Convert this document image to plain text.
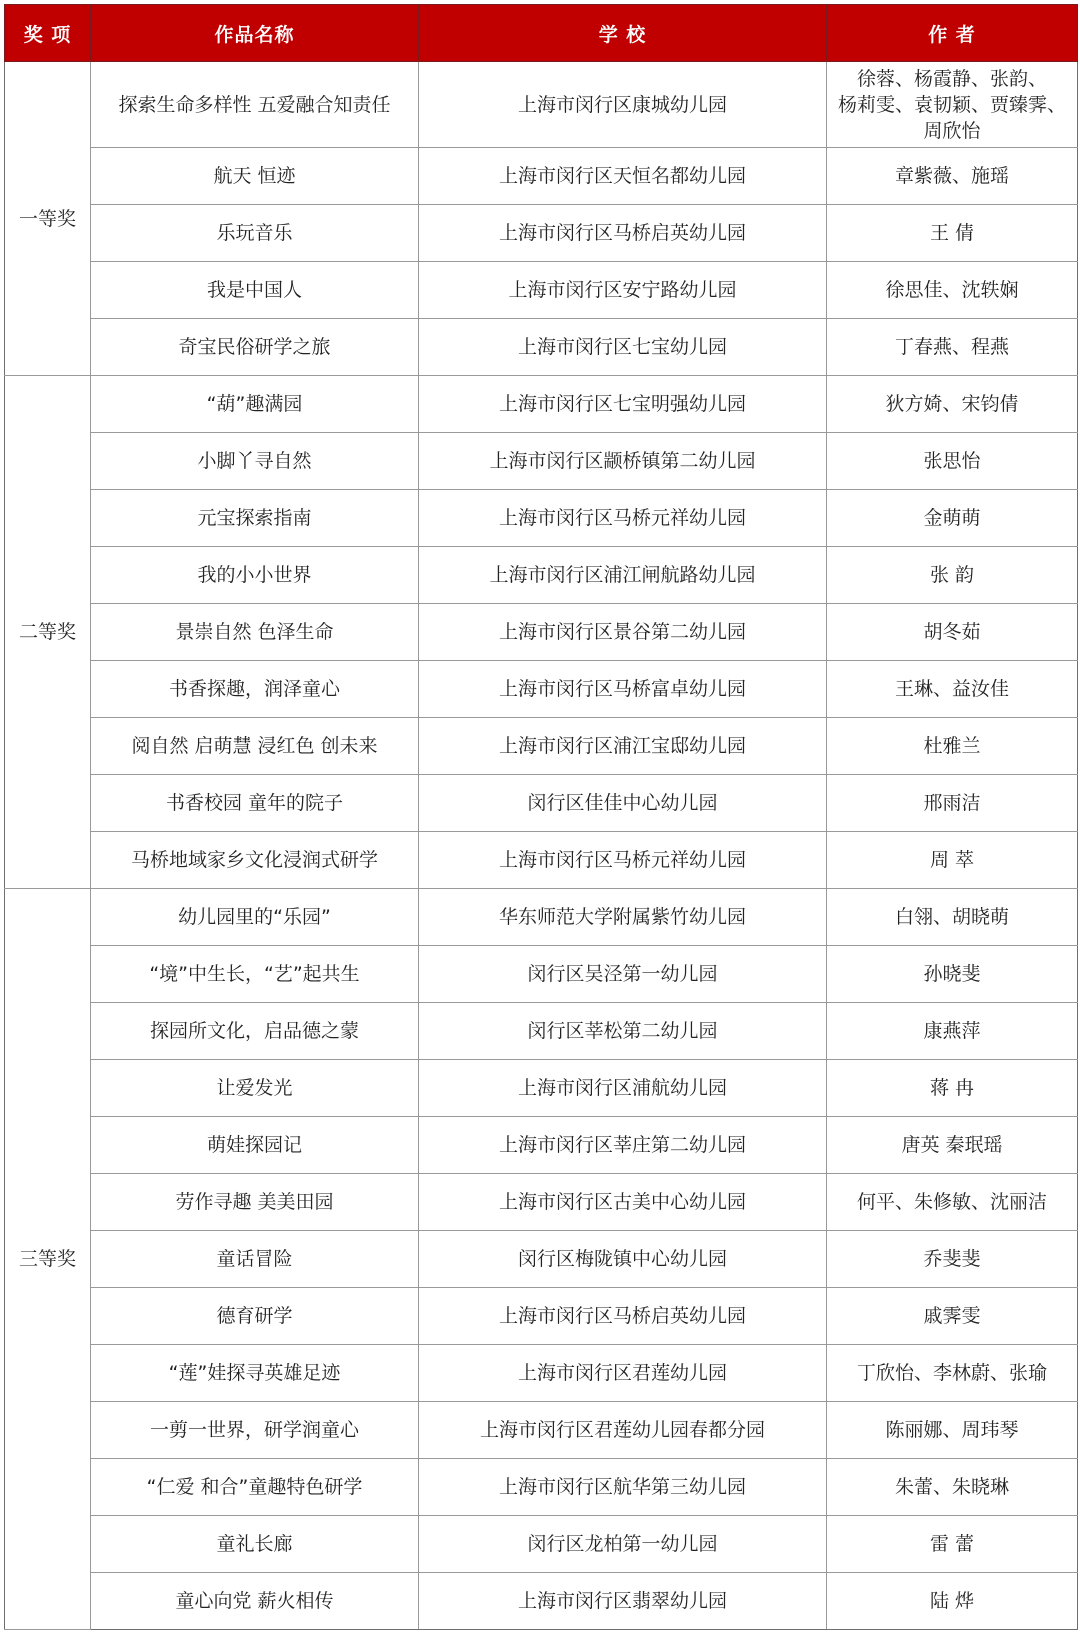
奖 项	作品名称	学 校	作 者
一等奖	探索生命多样性 五爱融合知责任	上海市闵行区康城幼儿园	徐蓉、杨霞静、张韵、
杨莉雯、袁韧颖、贾臻霁、
周欣怡
	航天 恒迹	上海市闵行区天恒名都幼儿园	章紫薇、施瑶
	乐玩音乐	上海市闵行区马桥启英幼儿园	王 倩
	我是中国人	上海市闵行区安宁路幼儿园	徐思佳、沈轶娴
	奇宝民俗研学之旅	上海市闵行区七宝幼儿园	丁春燕、程燕
二等奖	“葫”趣满园	上海市闵行区七宝明强幼儿园	狄方婍、宋钧倩
	小脚丫寻自然	上海市闵行区颛桥镇第二幼儿园	张思怡
	元宝探索指南	上海市闵行区马桥元祥幼儿园	金萌萌
	我的小小世界	上海市闵行区浦江闸航路幼儿园	张 韵
	景崇自然 色泽生命	上海市闵行区景谷第二幼儿园	胡冬茹
	书香探趣，润泽童心	上海市闵行区马桥富卓幼儿园	王琳、益汝佳
	阅自然 启萌慧 浸红色 创未来	上海市闵行区浦江宝邸幼儿园	杜雅兰
	书香校园 童年的院子	闵行区佳佳中心幼儿园	邢雨洁
	马桥地域家乡文化浸润式研学	上海市闵行区马桥元祥幼儿园	周 萃
三等奖	幼儿园里的“乐园”	华东师范大学附属紫竹幼儿园	白翎、胡晓萌
	“境”中生长，“艺”起共生	闵行区吴泾第一幼儿园	孙晓斐
	探园所文化，启品德之蒙	闵行区莘松第二幼儿园	康燕萍
	让爱发光	上海市闵行区浦航幼儿园	蒋 冉
	萌娃探园记	上海市闵行区莘庄第二幼儿园	唐英 秦珉瑶
	劳作寻趣 美美田园	上海市闵行区古美中心幼儿园	何平、朱修敏、沈丽洁
	童话冒险	闵行区梅陇镇中心幼儿园	乔斐斐
	德育研学	上海市闵行区马桥启英幼儿园	戚霁雯
	“莲”娃探寻英雄足迹	上海市闵行区君莲幼儿园	丁欣怡、李林蔚、张瑜
	一剪一世界，研学润童心	上海市闵行区君莲幼儿园春都分园	陈丽娜、周玮琴
	“仁爱 和合”童趣特色研学	上海市闵行区航华第三幼儿园	朱蕾、朱晓琳
	童礼长廊	闵行区龙柏第一幼儿园	雷 蕾
	童心向党 薪火相传	上海市闵行区翡翠幼儿园	陆 烨
